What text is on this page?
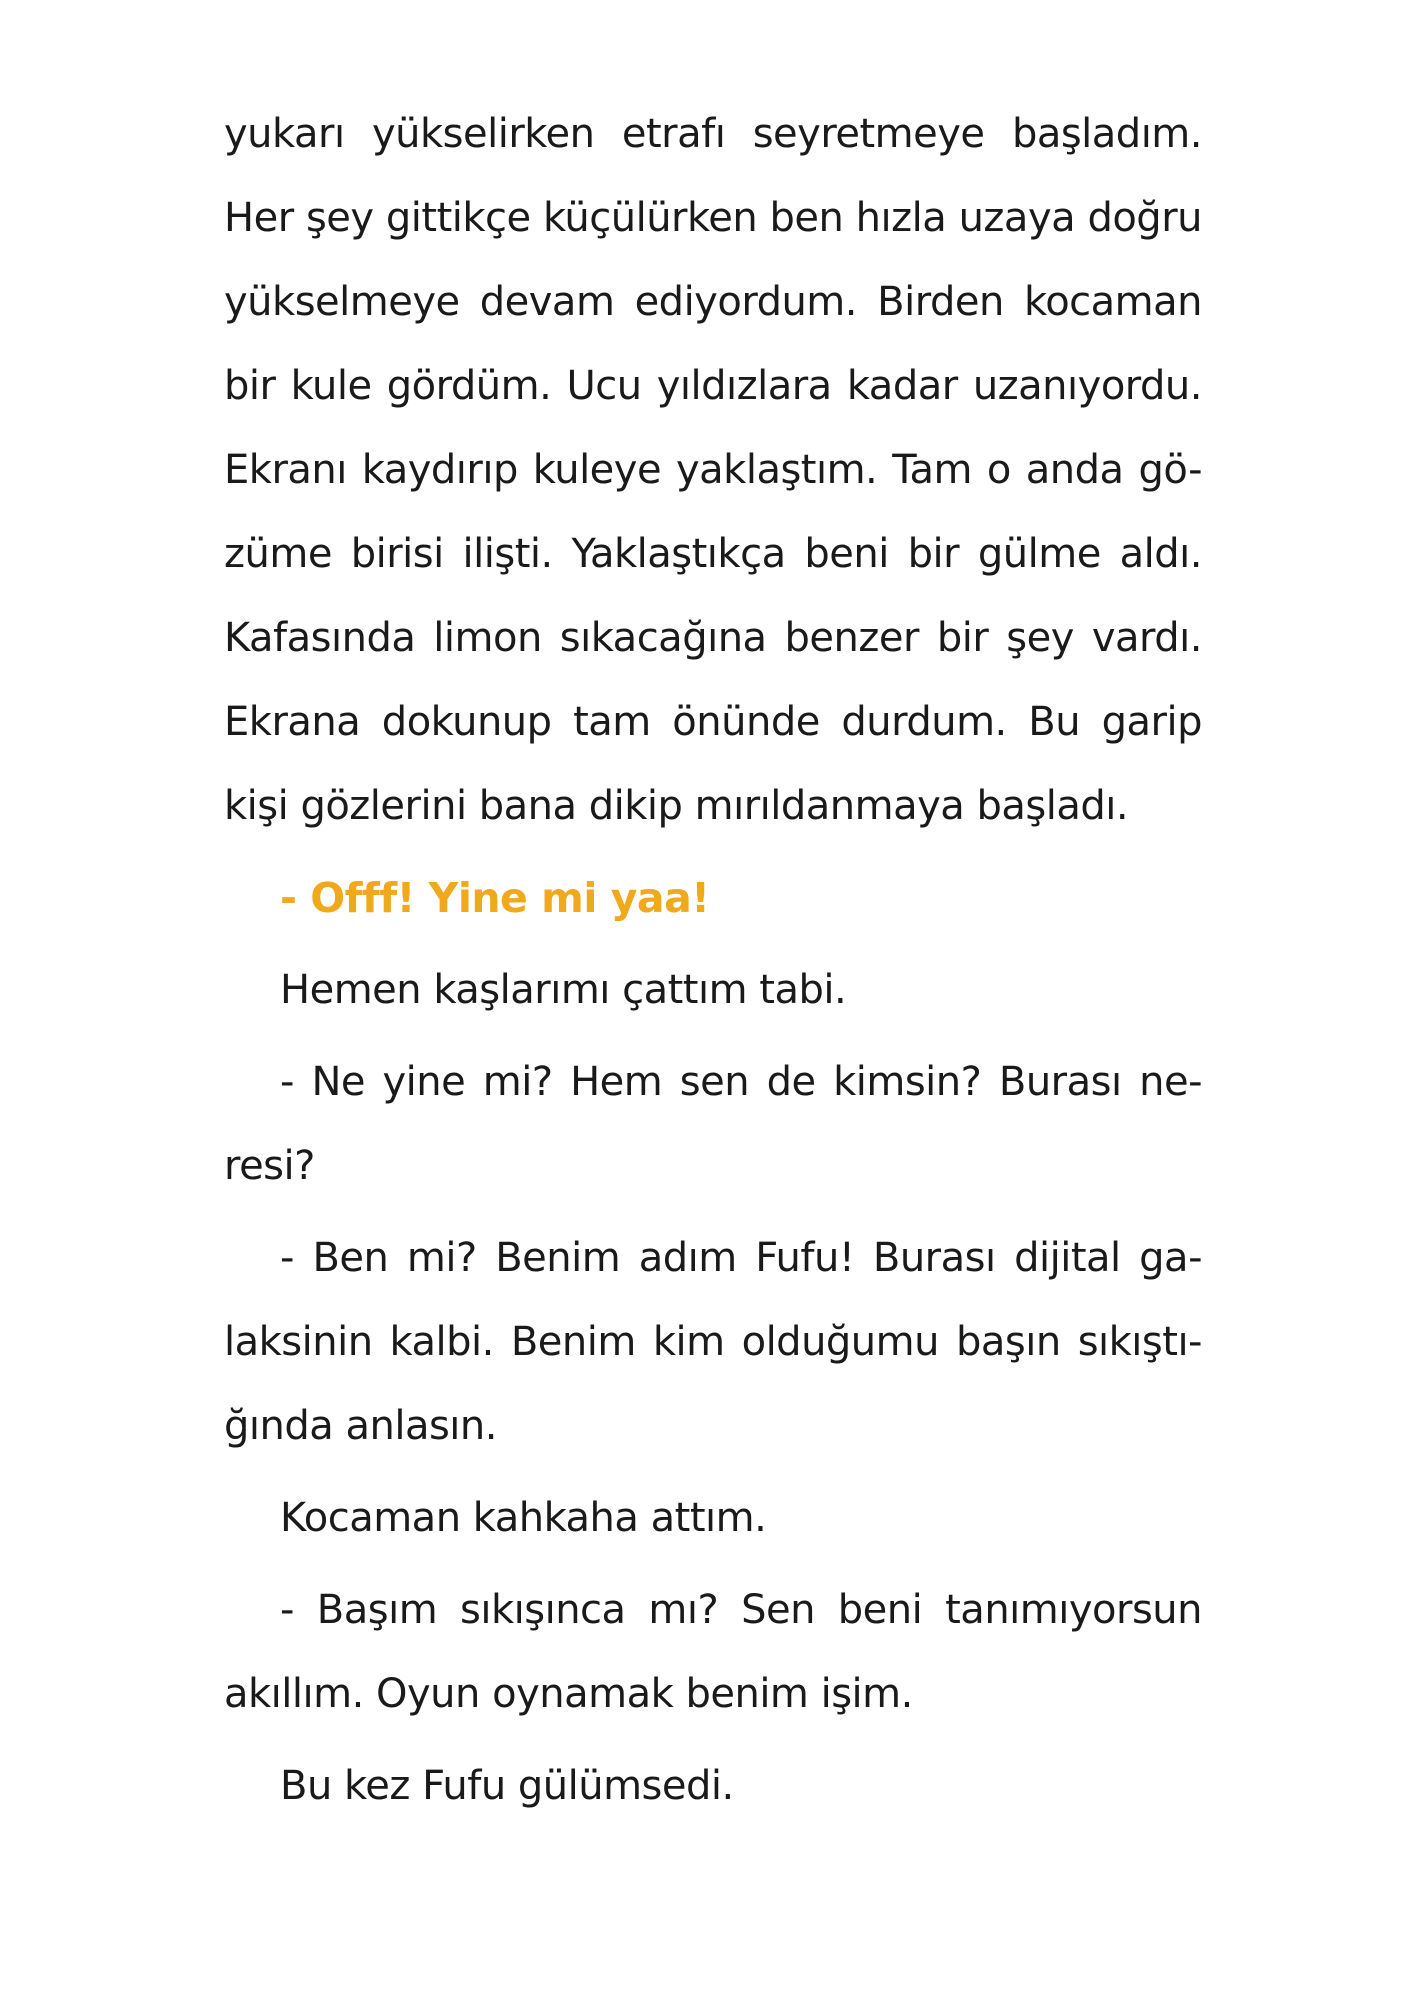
yukarı yükselirken etrafı seyretmeye başladım.
Her şey gittikçe küçülürken ben hızla uzaya doğru
yükselmeye devam ediyordum. Birden kocaman
bir kule gördüm. Ucu yıldızlara kadar uzanıyordu.
Ekranı kaydırıp kuleye yaklaştım. Tam o anda gö-
züme birisi ilişti. Yaklaştıkça beni bir gülme aldı.
Kafasında limon sıkacağına benzer bir şey vardı.
Ekrana dokunup tam önünde durdum. Bu garip
kişi gözlerini bana dikip mırıldanmaya başladı.
- Offf! Yine mi yaa!
Hemen kaşlarımı çattım tabi.
- Ne yine mi? Hem sen de kimsin? Burası ne-
resi?
- Ben mi? Benim adım Fufu! Burası dijital ga-
laksinin kalbi. Benim kim olduğumu başın sıkıştı-
ğında anlasın.
Kocaman kahkaha attım.
- Başım sıkışınca mı? Sen beni tanımıyorsun
akıllım. Oyun oynamak benim işim.
Bu kez Fufu gülümsedi.
